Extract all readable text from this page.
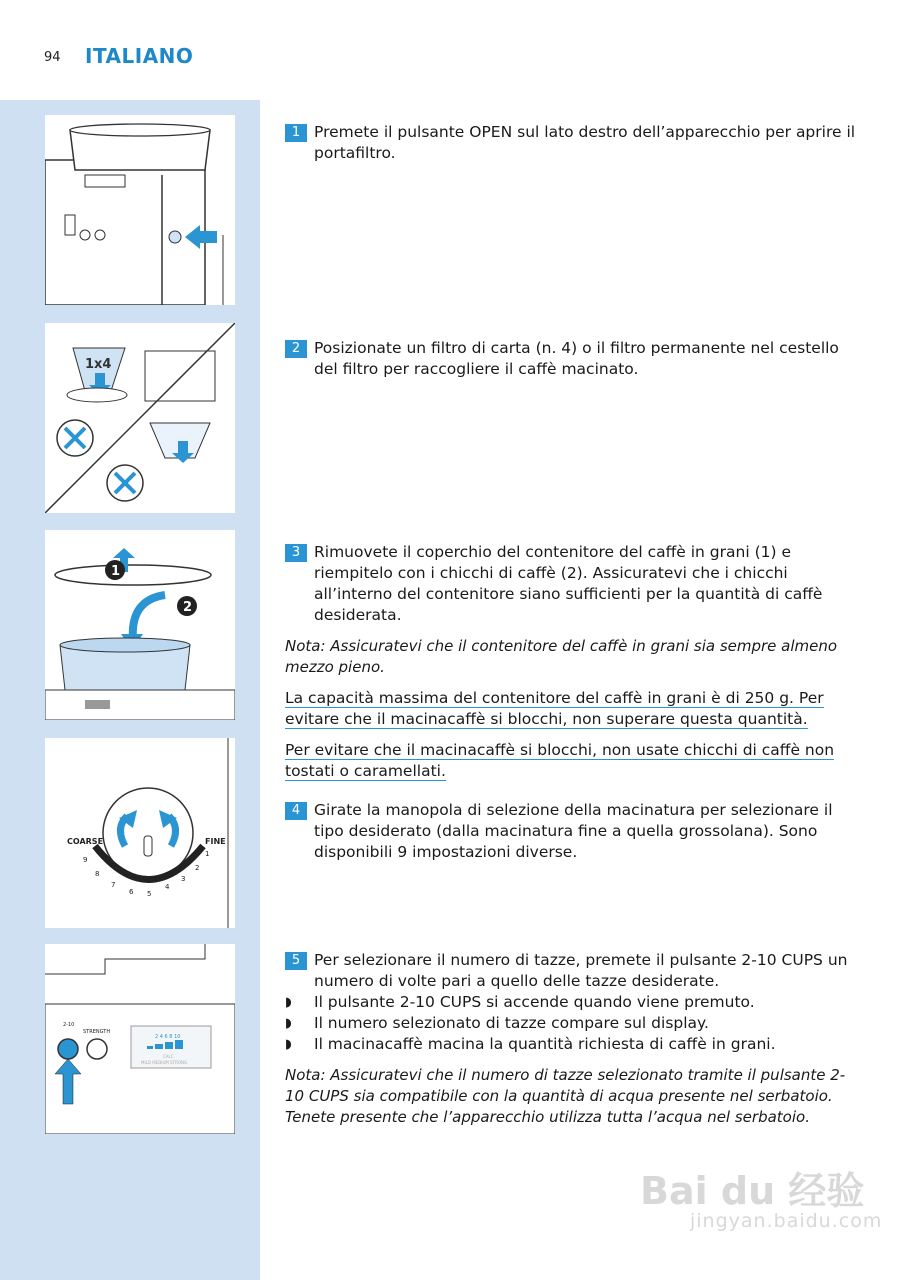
94 ITALIANO
1x4
1
2
COARSE	FINE
9
8
7
6 5
4
3
2
1
2-10
STRENGTH
2 4 6 8 10
CALC
MILD MEDIUM STRONG
1 Premete il pulsante OPEN sul lato destro dell’apparecchio per aprire il portafiltro.
2 Posizionate un filtro di carta (n. 4) o il filtro permanente nel cestello del filtro per raccogliere il caffè macinato.
3 Rimuovete il coperchio del contenitore del caffè in grani (1) e riempitelo con i chicchi di caffè (2). Assicuratevi che i chicchi all’interno del contenitore siano sufficienti per la quantità di caffè desiderata.
Nota: Assicuratevi che il contenitore del caffè in grani sia sempre almeno mezzo pieno.
La capacità massima del contenitore del caffè in grani è di 250 g. Per evitare che il macinacaffè si blocchi, non superare questa quantità.
Per evitare che il macinacaffè si blocchi, non usate chicchi di caffè non tostati o caramellati.
4 Girate la manopola di selezione della macinatura per selezionare il tipo desiderato (dalla macinatura fine a quella grossolana). Sono disponibili 9 impostazioni diverse.
5 Per selezionare il numero di tazze, premete il pulsante 2-10 CUPS un numero di volte pari a quello delle tazze desiderate.
◗ Il pulsante 2-10 CUPS si accende quando viene premuto.
◗ Il numero selezionato di tazze compare sul display.
◗ Il macinacaffè macina la quantità richiesta di caffè in grani.
Nota: Assicuratevi che il numero di tazze selezionato tramite il pulsante 2-10 CUPS sia compatibile con la quantità di acqua presente nel serbatoio. Tenete presente che l’apparecchio utilizza tutta l’acqua nel serbatoio.
Bai du 经验
jingyan.baidu.com
